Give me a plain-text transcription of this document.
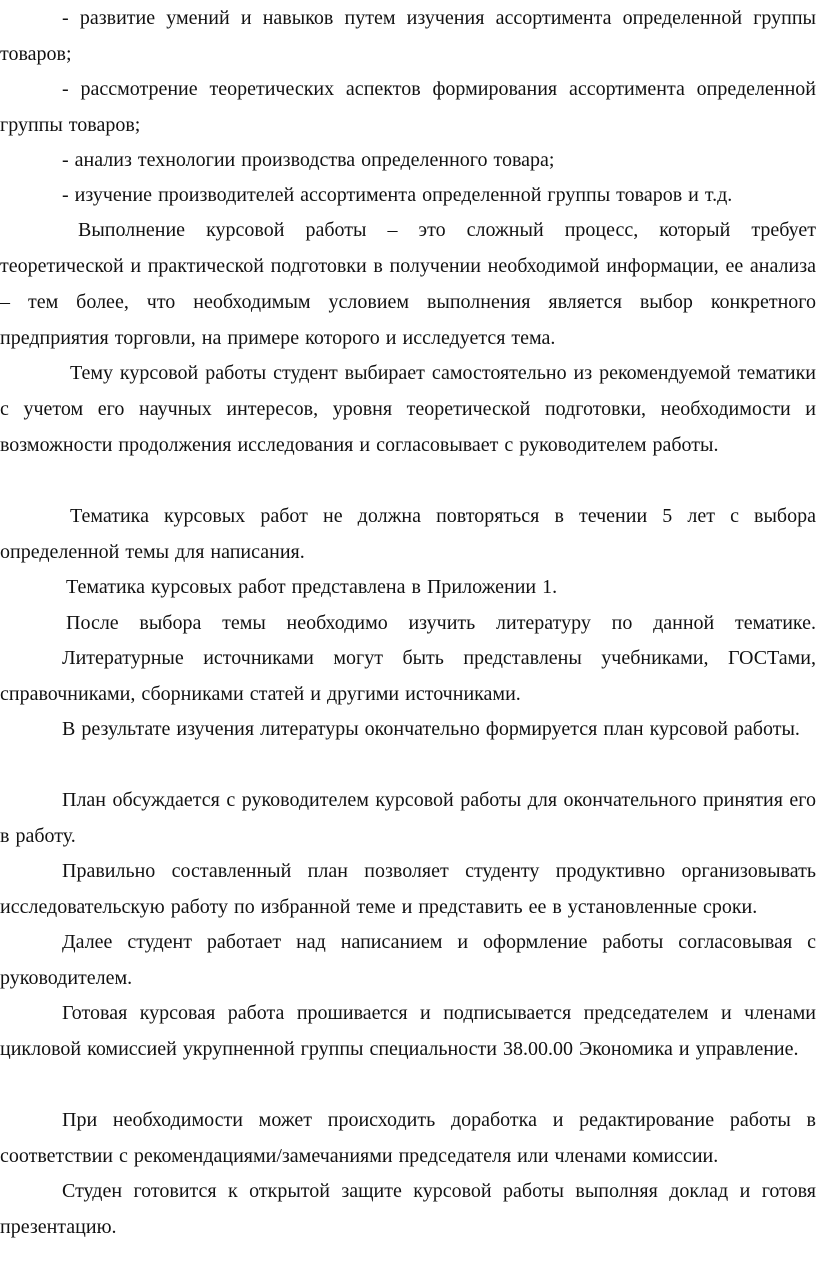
- развитие умений и навыков путем изучения ассортимента определенной группы товаров;

- рассмотрение теоретических аспектов формирования ассортимента определенной группы товаров;

- анализ технологии производства определенного товара;

- изучение производителей ассортимента определенной группы товаров и т.д.

Выполнение курсовой работы – это сложный процесс, который требует теоретической и практической подготовки в получении необходимой информации, ее анализа – тем более, что необходимым условием выполнения является выбор конкретного предприятия торговли, на примере которого и исследуется тема.

Тему курсовой работы студент выбирает самостоятельно из рекомендуемой тематики с учетом его научных интересов, уровня теоретической подготовки, необходимости и возможности продолжения исследования и согласовывает с руководителем работы.

Тематика курсовых работ не должна повторяться в течении 5 лет с выбора определенной темы для написания.

Тематика курсовых работ представлена в Приложении 1.

После выбора темы необходимо изучить литературу по данной тематике.

Литературные источниками могут быть представлены учебниками, ГОСТами, справочниками, сборниками статей и другими источниками.

В результате изучения литературы окончательно формируется план курсовой работы.

План обсуждается с руководителем курсовой работы для окончательного принятия его в работу.

Правильно составленный план позволяет студенту продуктивно организовывать исследовательскую работу по избранной теме и представить ее в установленные сроки.

Далее студент работает над написанием и оформление работы согласовывая с руководителем.

Готовая курсовая работа прошивается и подписывается председателем и членами цикловой комиссией укрупненной группы специальности 38.00.00 Экономика и управление.

При необходимости может происходить доработка и редактирование работы в соответствии с рекомендациями/замечаниями председателя или членами комиссии.

Студен готовится к открытой защите курсовой работы выполняя доклад и готовя презентацию.
